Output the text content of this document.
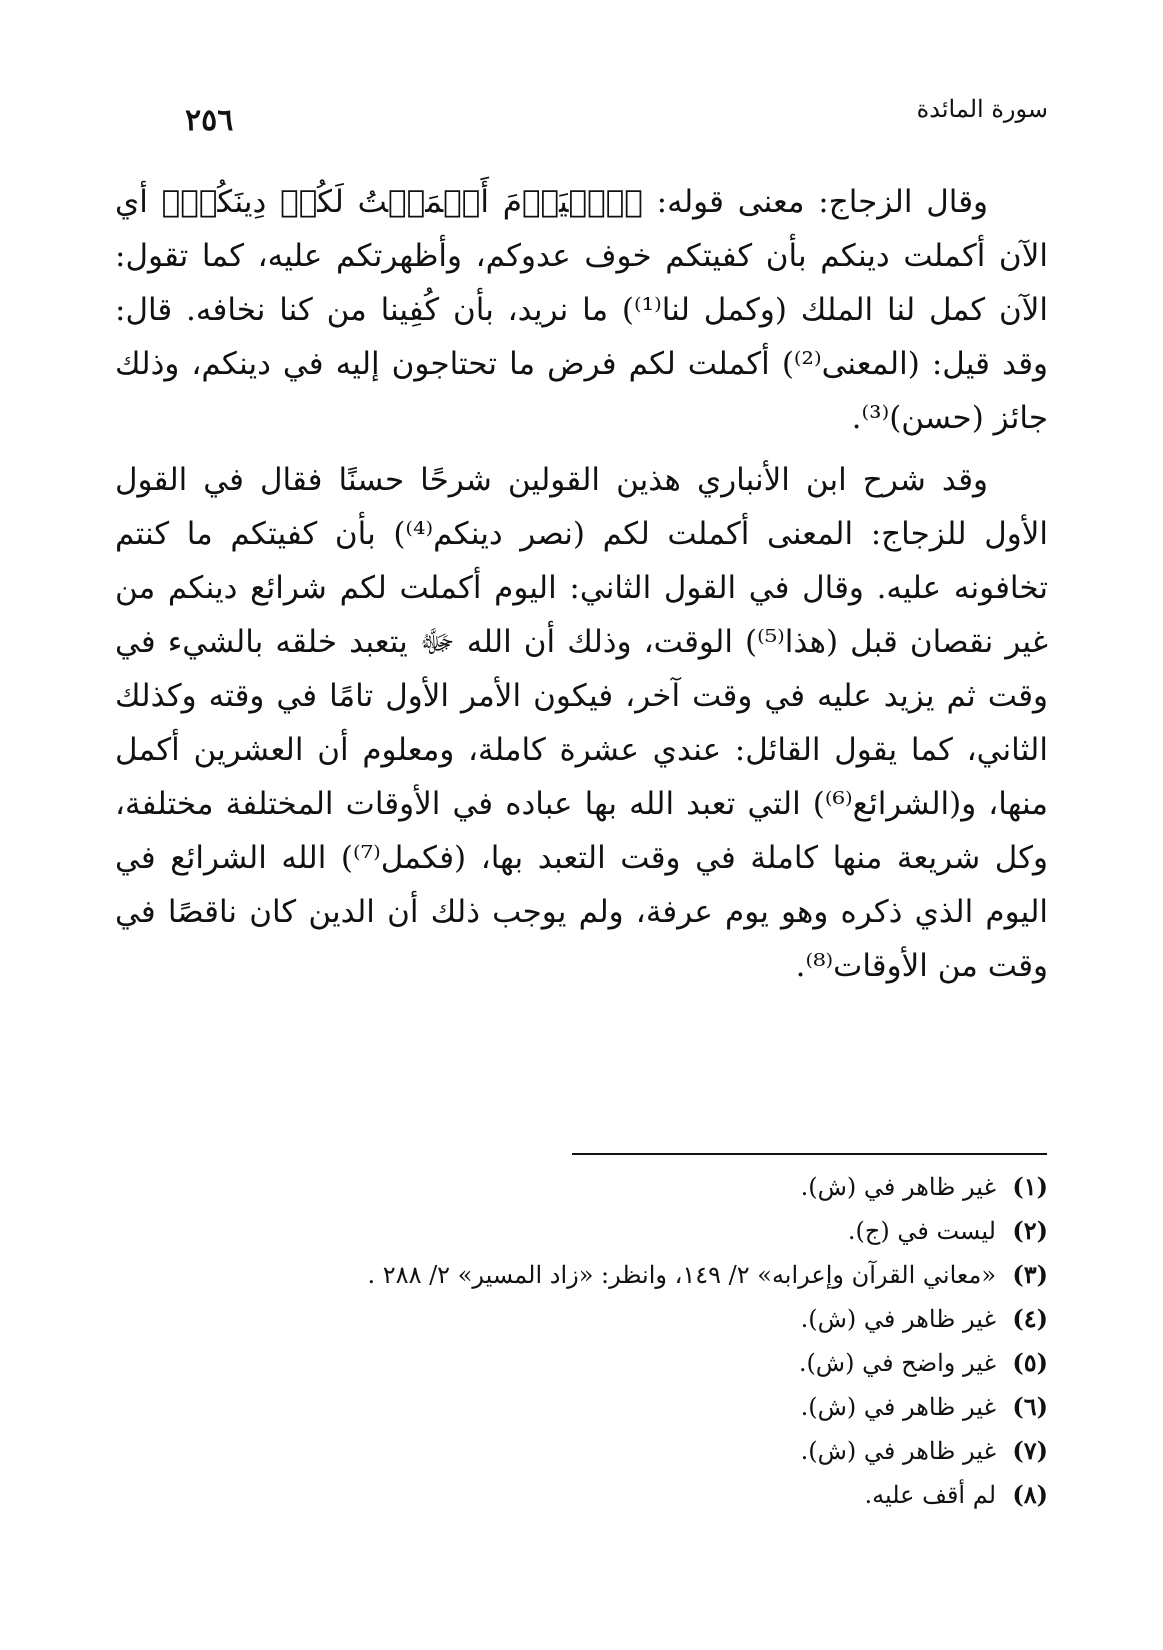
سورة المائدة
٢٥٦

وقال الزجاج: معنى قوله: ﴿ٱلۡيَوۡمَ أَكۡمَلۡتُ لَكُمۡ دِينَكُمۡ﴾ أي الآن أكملت دينكم بأن كفيتكم خوف عدوكم، وأظهرتكم عليه، كما تقول: الآن كمل لنا الملك (وكمل لنا⁽¹⁾) ما نريد، بأن كُفِينا من كنا نخافه. قال: وقد قيل: (المعنى⁽²⁾) أكملت لكم فرض ما تحتاجون إليه في دينكم، وذلك جائز (حسن)⁽³⁾.

وقد شرح ابن الأنباري هذين القولين شرحًا حسنًا فقال في القول الأول للزجاج: المعنى أكملت لكم (نصر دينكم⁽⁴⁾) بأن كفيتكم ما كنتم تخافونه عليه. وقال في القول الثاني: اليوم أكملت لكم شرائع دينكم من غير نقصان قبل (هذا⁽⁵⁾) الوقت، وذلك أن الله ﷻ يتعبد خلقه بالشيء في وقت ثم يزيد عليه في وقت آخر، فيكون الأمر الأول تامًا في وقته وكذلك الثاني، كما يقول القائل: عندي عشرة كاملة، ومعلوم أن العشرين أكمل منها، و(الشرائع⁽⁶⁾) التي تعبد الله بها عباده في الأوقات المختلفة مختلفة، وكل شريعة منها كاملة في وقت التعبد بها، (فكمل⁽⁷⁾) الله الشرائع في اليوم الذي ذكره وهو يوم عرفة، ولم يوجب ذلك أن الدين كان ناقصًا في وقت من الأوقات⁽⁸⁾.

(١)
غير ظاهر في (ش).
(٢)
ليست في (ج).
(٣)
«معاني القرآن وإعرابه» ٢/ ١٤٩، وانظر: «زاد المسير» ٢/ ٢٨٨ .
(٤)
غير ظاهر في (ش).
(٥)
غير واضح في (ش).
(٦)
غير ظاهر في (ش).
(٧)
غير ظاهر في (ش).
(٨)
لم أقف عليه.
